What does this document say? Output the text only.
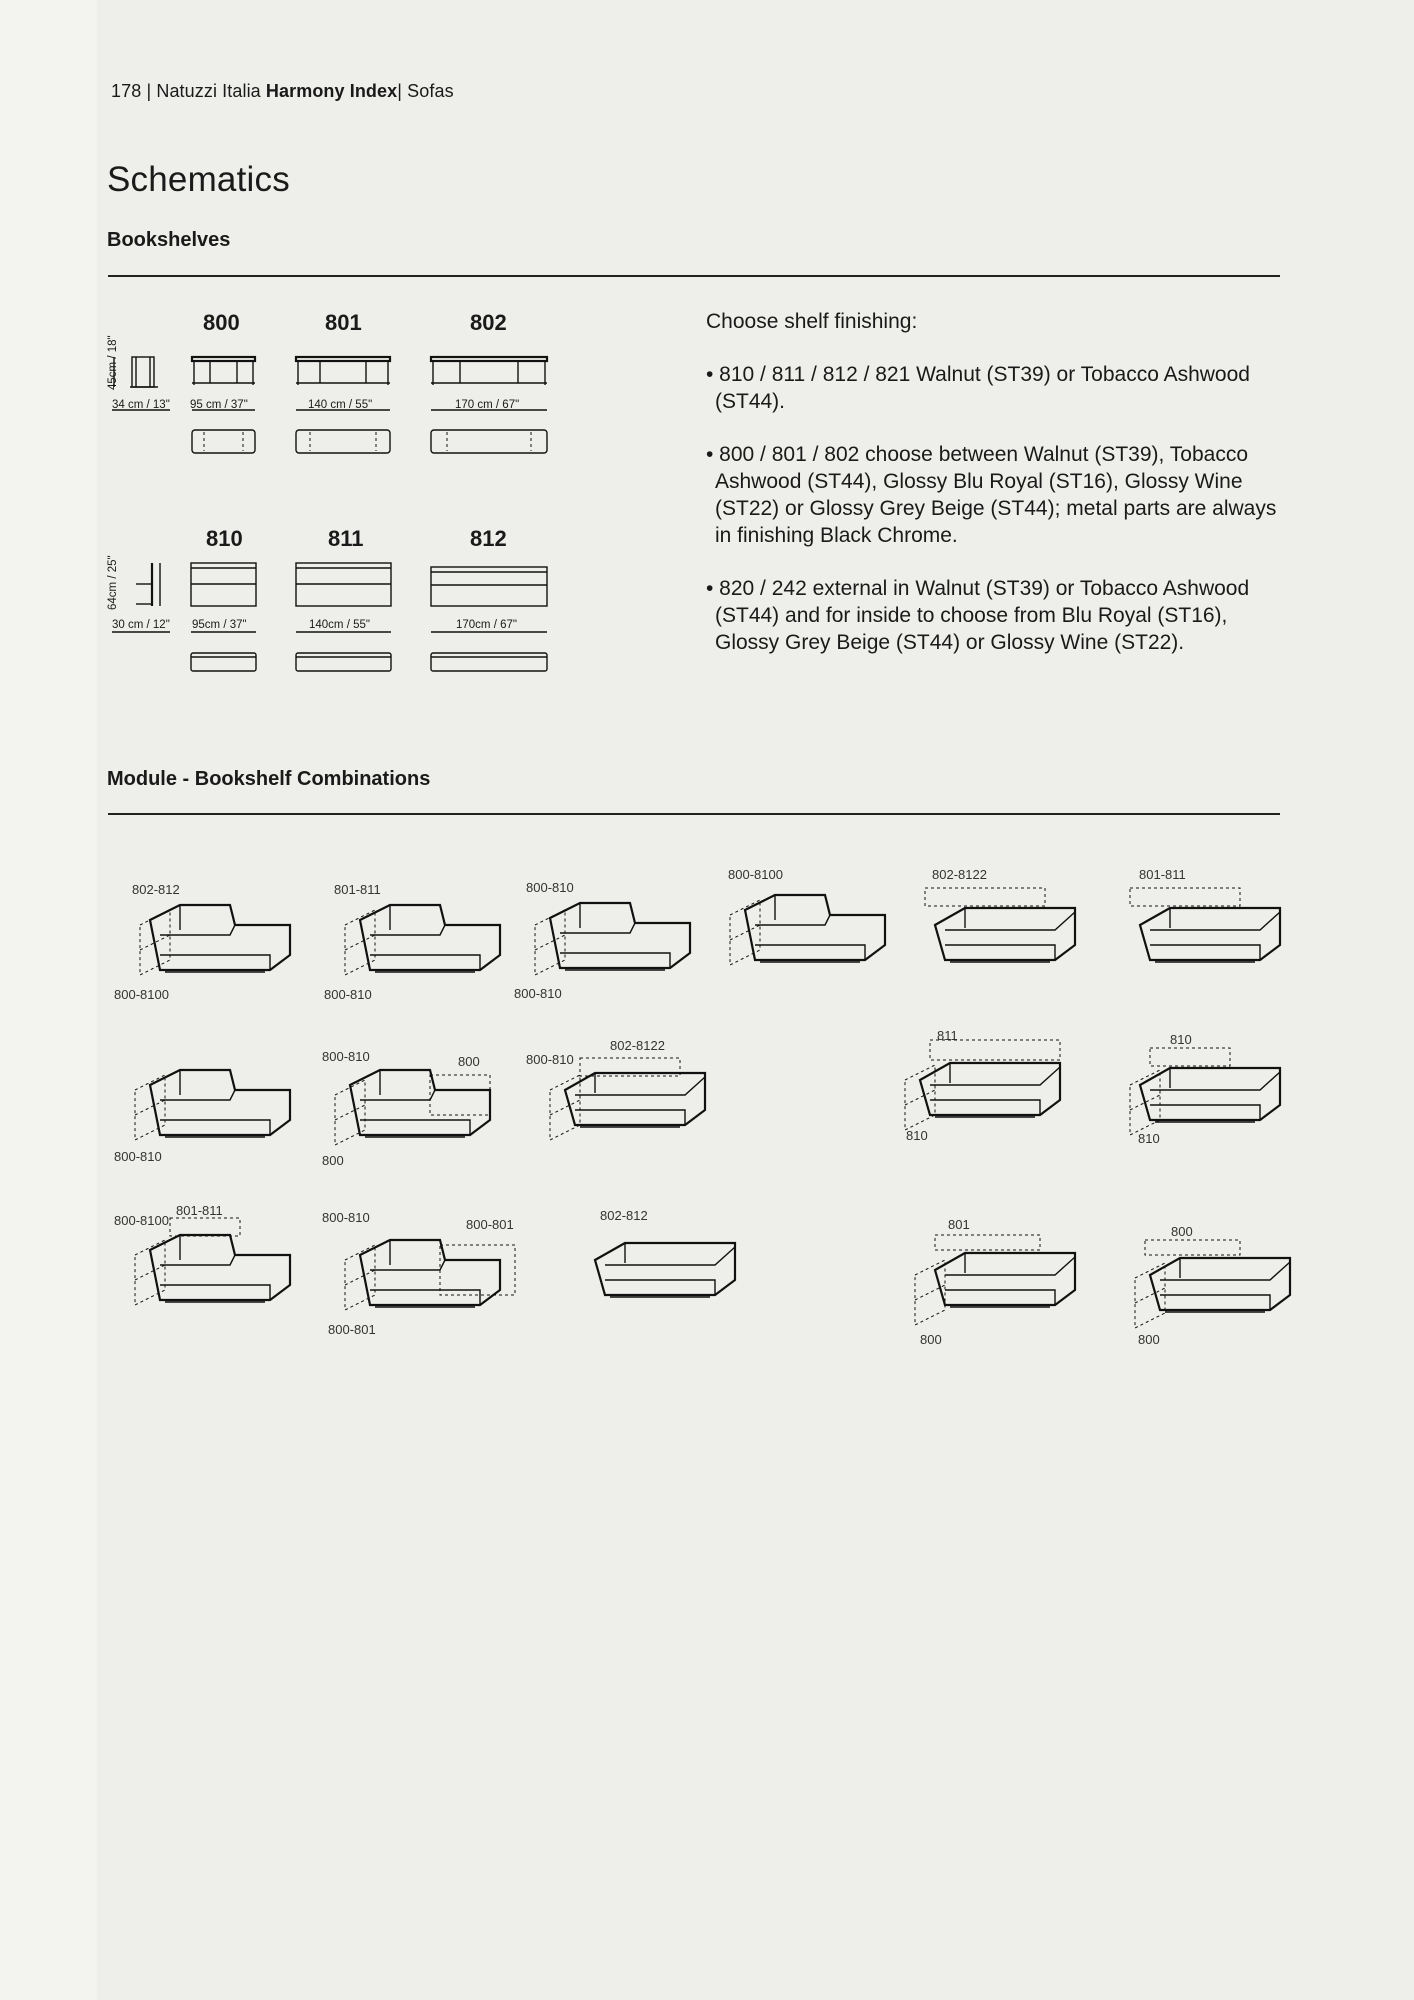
178 | Natuzzi Italia Harmony Index| Sofas
Schematics
Bookshelves
800	801	802
45cm / 18"
34 cm / 13" 95 cm / 37"	140 cm / 55"	170 cm / 67"
810	811	812
64cm / 25"
30 cm / 12" 95cm / 37"	140cm / 55"	170cm / 67"

Choose shelf finishing:

• 810 / 811 / 812 / 821 Walnut (ST39) or Tobacco Ashwood (ST44).

• 800 / 801 / 802 choose between Walnut (ST39), Tobacco Ashwood (ST44), Glossy Blu Royal (ST16), Glossy Wine (ST22) or Glossy Grey Beige (ST44); metal parts are always in finishing Black Chrome.

• 820 / 242 external in Walnut (ST39) or Tobacco Ashwood (ST44) and for inside to choose from Blu Royal (ST16), Glossy Grey Beige (ST44) or Glossy Wine (ST22).

Module - Bookshelf Combinations
802-812
800-8100
801-811
800-810
800-810
800-810
800-8100	802-8122	801-811
800-810
800-810	800
800
800-810
802-8122
811
810
810
810
800-8100
801-811	800-810	800-801
800-801
802-812
801
800
800
800
